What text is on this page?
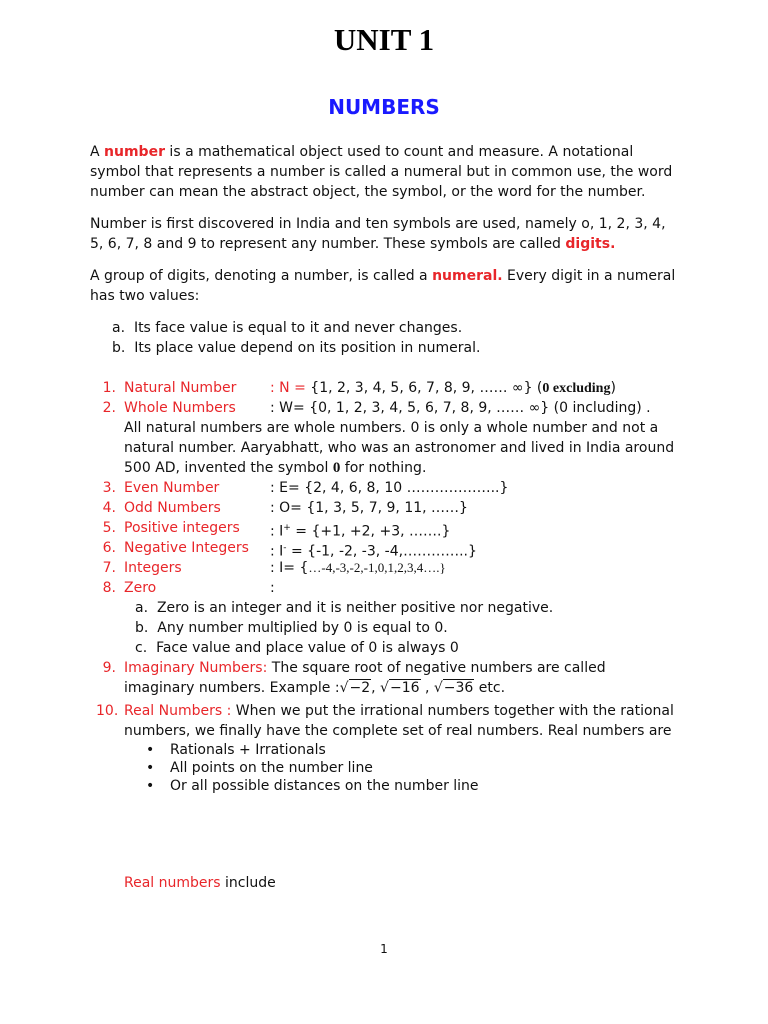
UNIT 1
NUMBERS
A number is a mathematical object used to count and measure. A notational
symbol that represents a number is called a numeral but in common use, the word
number can mean the abstract object, the symbol, or the word for the number.
Number is first discovered in India and ten symbols are used, namely o, 1, 2, 3, 4,
5, 6, 7, 8 and 9 to represent any number. These symbols are called digits.
A group of digits, denoting a number, is called a numeral. Every digit in a numeral
has two values:
a. Its face value is equal to it and never changes.
b. Its place value depend on its position in numeral.
1. Natural Number : N = {1, 2, 3, 4, 5, 6, 7, 8, 9, …… ∞} (0 excluding)
2. Whole Numbers : W= {0, 1, 2, 3, 4, 5, 6, 7, 8, 9, …… ∞} (0 including) .
All natural numbers are whole numbers. 0 is only a whole number and not a
natural number. Aaryabhatt, who was an astronomer and lived in India around
500 AD, invented the symbol 0 for nothing.
3. Even Number	: E= {2, 4, 6, 8, 10 ………………..}
4. Odd Numbers	: O= {1, 3, 5, 7, 9, 11, ……}
5. Positive integers : I+ = {+1, +2, +3, …….}
6. Negative Integers : I- = {-1, -2, -3, -4,…………..}
7. Integers	: I= {…-4,-3,-2,-1,0,1,2,3,4….}
8. Zero	:
a. Zero is an integer and it is neither positive nor negative.
b. Any number multiplied by 0 is equal to 0.
c. Face value and place value of 0 is always 0
9. Imaginary Numbers: The square root of negative numbers are called
imaginary numbers. Example :√−2, √−16 , √−36 etc.
10. Real Numbers : When we put the irrational numbers together with the rational
numbers, we finally have the complete set of real numbers. Real numbers are
• Rationals + Irrationals
• All points on the number line
• Or all possible distances on the number line
Real numbers include
1
